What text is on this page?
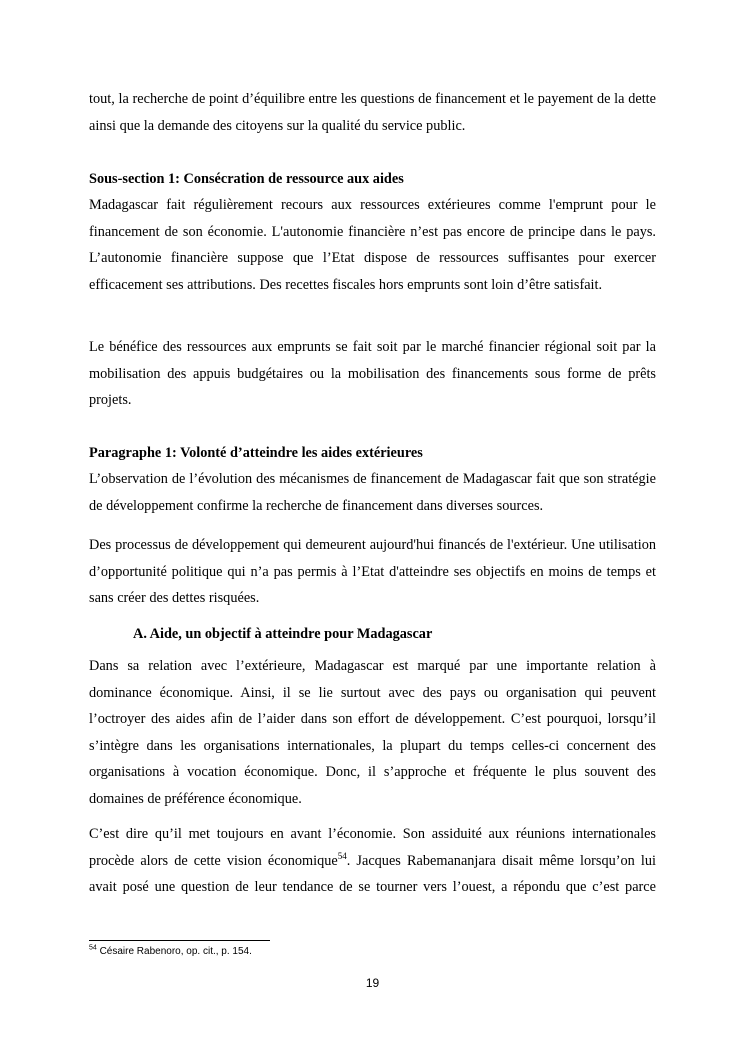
tout, la recherche de point d’équilibre entre les questions de financement et le payement de la dette ainsi que la demande des citoyens sur la qualité du service public.

Sous-section 1: Consécration de ressource aux aides

Madagascar fait régulièrement recours aux ressources extérieures comme l'emprunt pour le financement de son économie. L'autonomie financière n’est pas encore de principe dans le pays. L’autonomie financière suppose que l’Etat dispose de ressources suffisantes pour exercer efficacement ses attributions. Des recettes fiscales hors emprunts sont loin d’être satisfait.

Le bénéfice des ressources aux emprunts se fait soit par le marché financier régional soit par la mobilisation des appuis budgétaires ou la mobilisation des financements sous forme de prêts projets.

Paragraphe 1: Volonté d’atteindre les aides extérieures

L’observation de l’évolution des mécanismes de financement de Madagascar fait que son stratégie de développement confirme la recherche de financement dans diverses sources.

Des processus de développement qui demeurent aujourd'hui financés de l'extérieur. Une utilisation d’opportunité politique qui n’a pas permis à l’Etat d'atteindre ses objectifs en moins de temps et sans créer des dettes risquées.

A. Aide, un objectif à atteindre pour Madagascar

Dans sa relation avec l’extérieure, Madagascar est marqué par une importante relation à dominance économique. Ainsi, il se lie surtout avec des pays ou organisation qui peuvent l’octroyer des aides afin de l’aider dans son effort de développement. C’est pourquoi, lorsqu’il s’intègre dans les organisations internationales, la plupart du temps celles-ci concernent des organisations à vocation économique. Donc, il s’approche et fréquente le plus souvent des domaines de préférence économique.

C’est dire qu’il met toujours en avant l’économie. Son assiduité aux réunions internationales procède alors de cette vision économique$^{54}$. Jacques Rabemananjara disait même lorsqu’on lui avait posé une question de leur tendance de se tourner vers l’ouest, a répondu que c’est parce

$^{54}$ Césaire Rabenoro, op. cit., p. 154.
19
